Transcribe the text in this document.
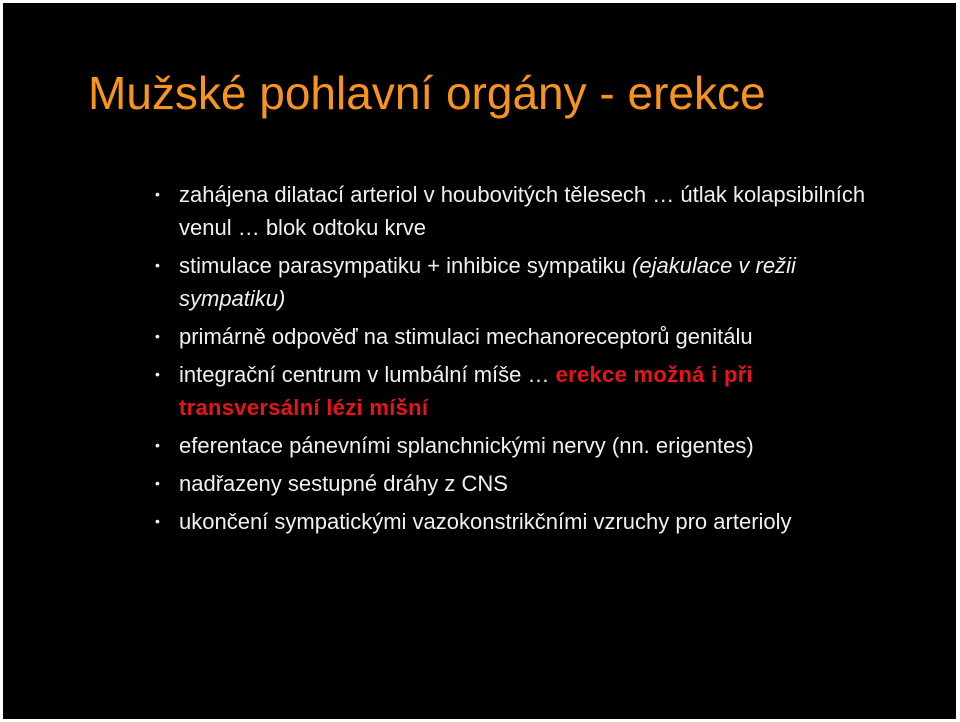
Mužské pohlavní orgány - erekce
• zahájena dilatací arteriol v houbovitých tělesech … útlak kolapsibilních venul … blok odtoku krve
• stimulace parasympatiku + inhibice sympatiku (ejakulace v režii sympatiku)
• primárně odpověď na stimulaci mechanoreceptorů genitálu
• integrační centrum v lumbální míše … erekce možná i při transversální lézi míšní
• eferentace pánevními splanchnickými nervy (nn. erigentes)
• nadřazeny sestupné dráhy z CNS
• ukončení sympatickými vazokonstrikčními vzruchy pro arterioly
